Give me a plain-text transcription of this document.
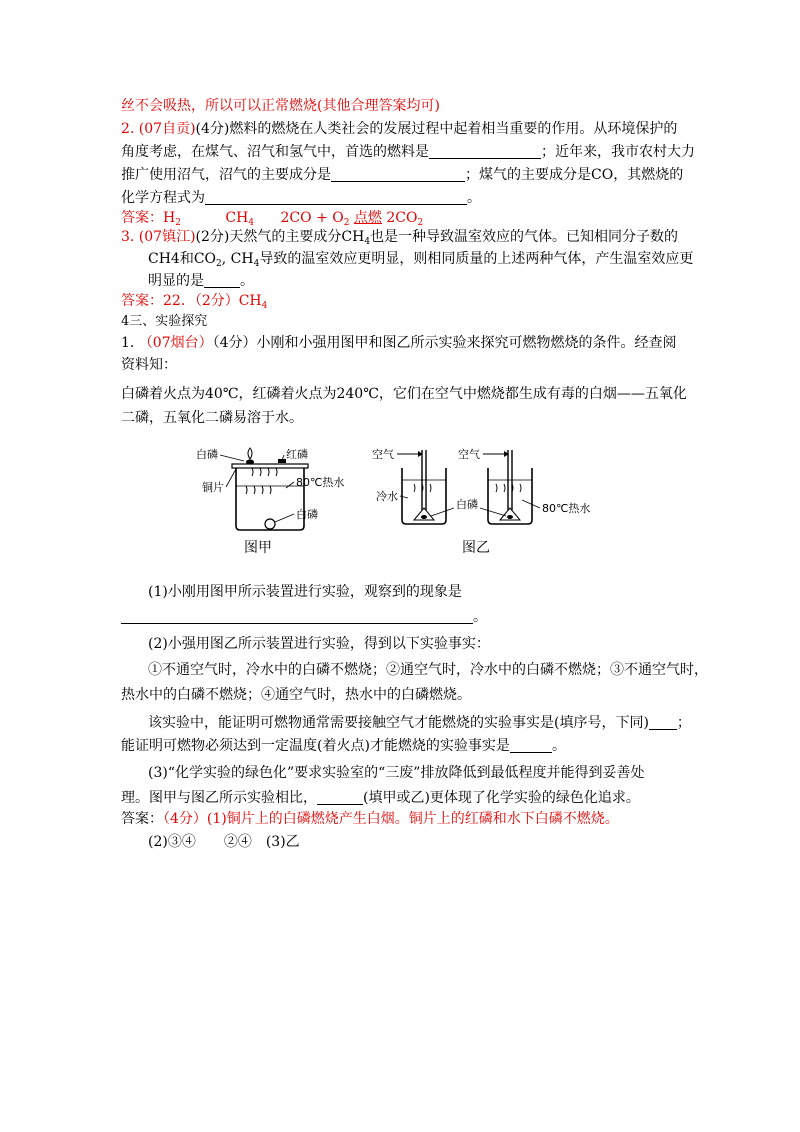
丝不会吸热，所以可以正常燃烧(其他合理答案均可)
2. (07自贡)(4分)燃料的燃烧在人类社会的发展过程中起着相当重要的作用。从环境保护的
角度考虑，在煤气、沼气和氢气中，首选的燃料是	；近年来，我市农村大力
推广使用沼气，沼气的主要成分是	；煤气的主要成分是CO，其燃烧的
化学方程式为	。
答案：$H_2$	$CH_4$ $2CO + O_2$ 点燃 $2CO_2$
3. (07镇江)(2分)天然气的主要成分$CH_4$也是一种导致温室效应的气体。已知相同分子数的
CH4和$CO_2$, $CH_4$导致的温室效应更明显，则相同质量的上述两种气体，产生温室效应更
明显的是	。
答案：22．（2分）$CH_4$
4三、实验探究
1. （07烟台）（4分）小刚和小强用图甲和图乙所示实验来探究可燃物燃烧的条件。经查阅
资料知：
白磷着火点为40℃，红磷着火点为240℃，它们在空气中燃烧都生成有毒的白烟——五氧化
二磷，五氧化二磷易溶于水。
白磷	红磷
铜片	80℃热水
白磷
图甲
空气	空气
冷水
白磷	80℃热水
图乙
(1)小刚用图甲所示装置进行实验，观察到的现象是
。
(2)小强用图乙所示装置进行实验，得到以下实验事实：
①不通空气时，冷水中的白磷不燃烧；②通空气时，冷水中的白磷不燃烧；③不通空气时，
热水中的白磷不燃烧；④通空气时，热水中的白磷燃烧。
该实验中，能证明可燃物通常需要接触空气才能燃烧的实验事实是(填序号，下同) ；
能证明可燃物必须达到一定温度(着火点)才能燃烧的实验事实是	。
(3)“化学实验的绿色化”要求实验室的“三废”排放降低到最低程度并能得到妥善处
理。图甲与图乙所示实验相比，	(填甲或乙)更体现了化学实验的绿色化追求。
答案：（4分）(1)铜片上的白磷燃烧产生白烟。铜片上的红磷和水下白磷不燃烧。
(2)③④　　②④　(3)乙
